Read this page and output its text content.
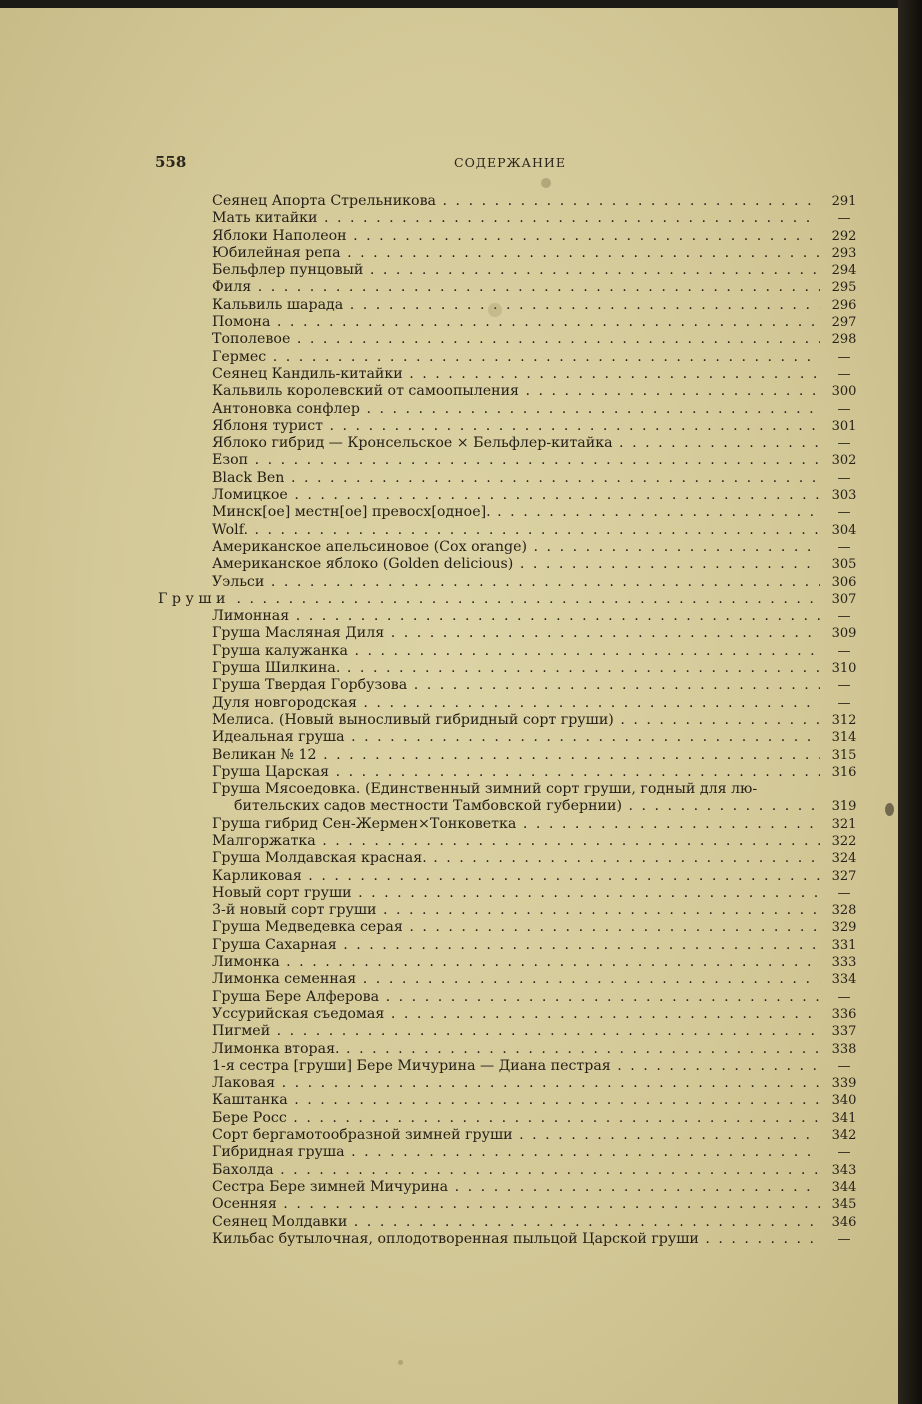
558	СОДЕРЖАНИЕ
Сеянец Апорта Стрельникова . . .	291
Мать китайки . . .	—
Яблоки Наполеон . . .	292
Юбилейная репа . . .	293
Бельфлер пунцовый . . .	294
Филя . . .	295
Кальвиль шарада . . .	296
Помона . . .	297
Тополевое . . .	298
Гермес . . .	—
Сеянец Кандиль-китайки . . .	—
Кальвиль королевский от самоопыления . . .	300
Антоновка сонфлер . . .	—
Яблоня турист . . .	301
Яблоко гибрид — Кронсельское × Бельфлер-китайка . . .	—
Езоп . . .	302
Black Ben . . .	—
Ломицкое . . .	303
Минск[ое] местн[ое] превосх[одное]. . . .	—
Wolf. . . .	304
Американское апельсиновое (Cox orange) . . .	—
Американское яблоко (Golden delicious) . . .	305
Уэльси . . .	306
Груши . . .	307
Лимонная . . .	—
Груша Масляная Диля . . .	309
Груша калужанка . . .	—
Груша Шилкина. . . .	310
Груша Твердая Горбузова . . .	—
Дуля новгородская . . .	—
Мелиса. (Новый выносливый гибридный сорт груши) . . .	312
Идеальная груша . . .	314
Великан № 12 . . .	315
Груша Царская . . .	316
Груша Мясоедовка. (Единственный зимний сорт груши, годный для лю-
бительских садов местности Тамбовской губернии) . . .	319
Груша гибрид Сен-Жермен×Тонковетка . . .	321
Малгоржатка . . .	322
Груша Молдавская красная. . . .	324
Карликовая . . .	327
Новый сорт груши . . .	—
3-й новый сорт груши . . .	328
Груша Медведевка серая . . .	329
Груша Сахарная . . .	331
Лимонка . . .	333
Лимонка семенная . . .	334
Груша Бере Алферова . . .	—
Уссурийская съедомая . . .	336
Пигмей . . .	337
Лимонка вторая. . . .	338
1-я сестра [груши] Бере Мичурина — Диана пестрая . . .	—
Лаковая . . .	339
Каштанка . . .	340
Бере Росс . . .	341
Сорт бергамотообразной зимней груши . . .	342
Гибридная груша . . .	—
Бахолда . . .	343
Сестра Бере зимней Мичурина . . .	344
Осенняя . . .	345
Сеянец Молдавки . . .	346
Кильбас бутылочная, оплодотворенная пыльцой Царской груши . . .	—
